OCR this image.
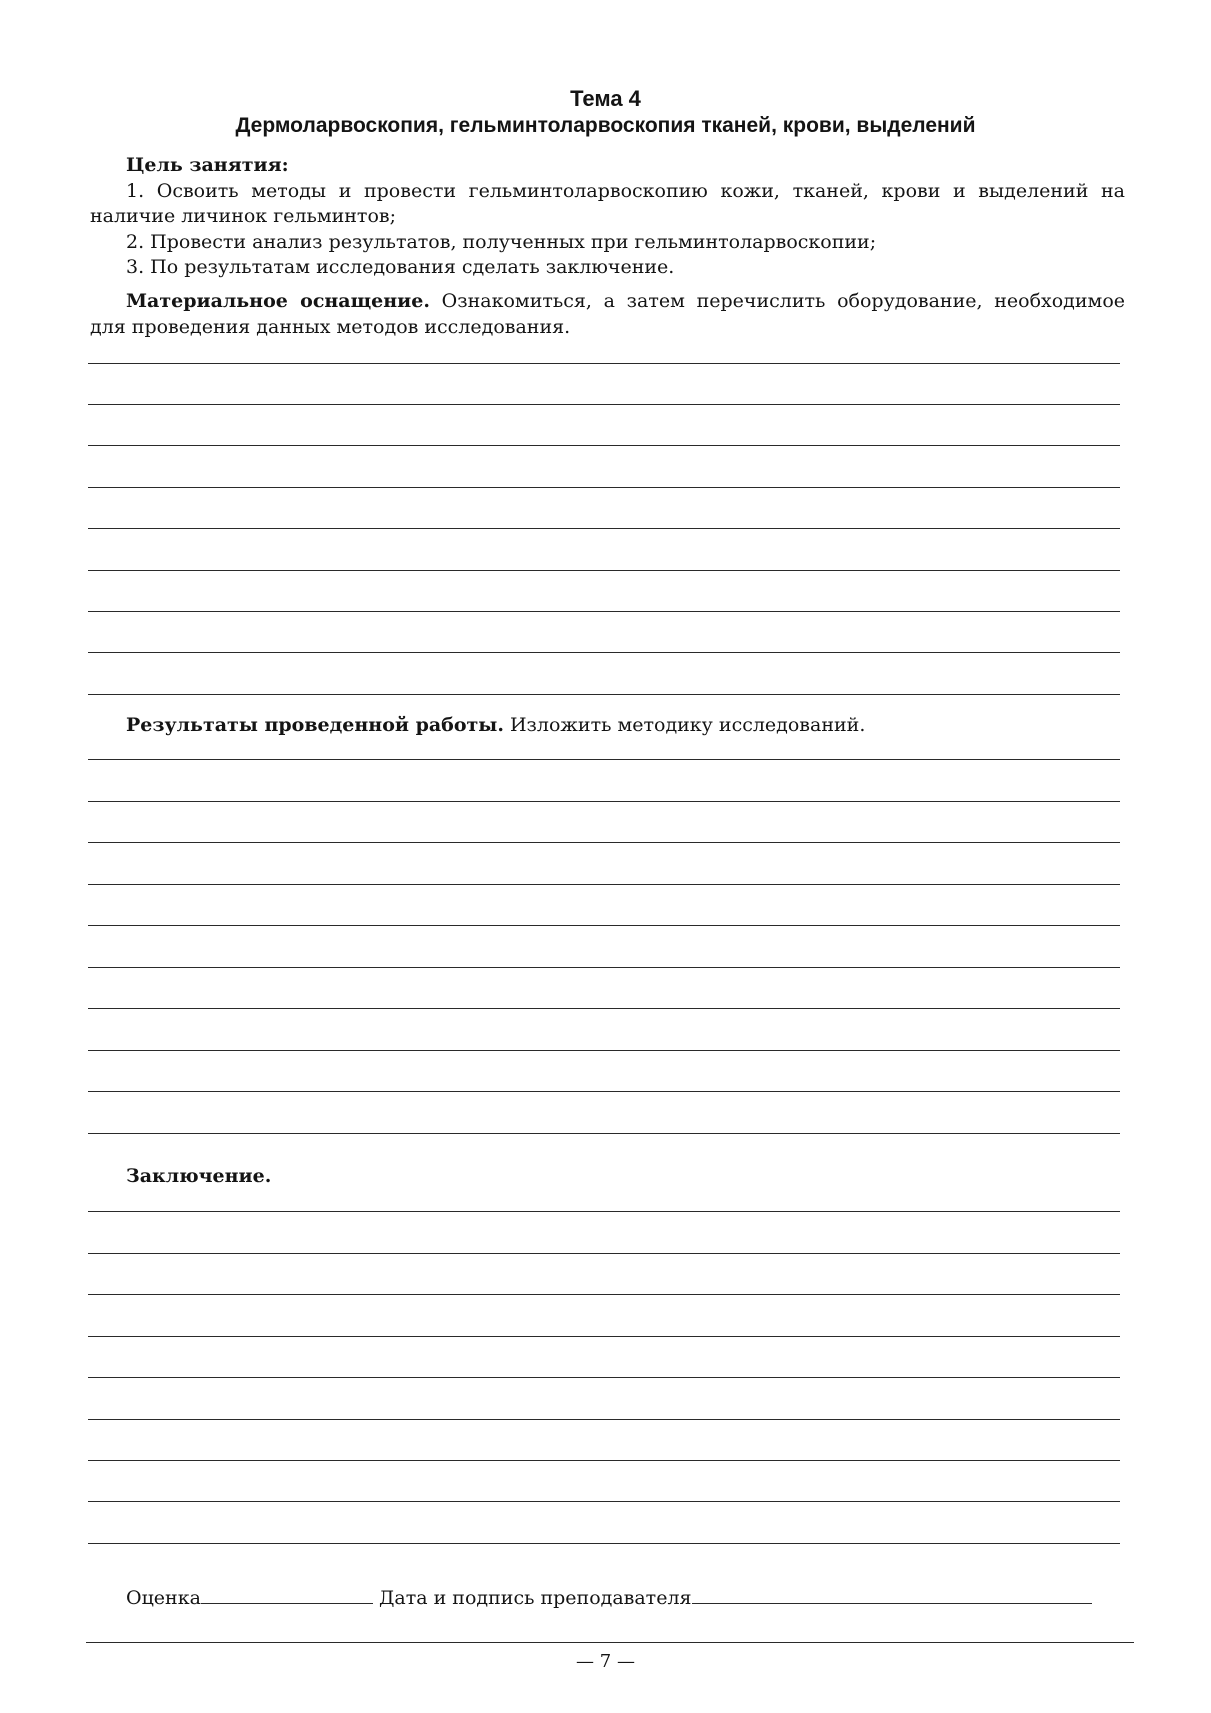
Тема 4
Дермоларвоскопия, гельминтоларвоскопия тканей, крови, выделений

Цель занятия:

1. Освоить методы и провести гельминтоларвоскопию кожи, тканей, крови и выделений на наличие личинок гельминтов;

2. Провести анализ результатов, полученных при гельминтоларвоскопии;

3. По результатам исследования сделать заключение.

Материальное оснащение. Ознакомиться, а затем перечислить оборудование, необходимое для проведения данных методов исследования.

Результаты проведенной работы. Изложить методику исследований.

Заключение.

Оценка	Дата и подпись преподавателя
— 7 —
